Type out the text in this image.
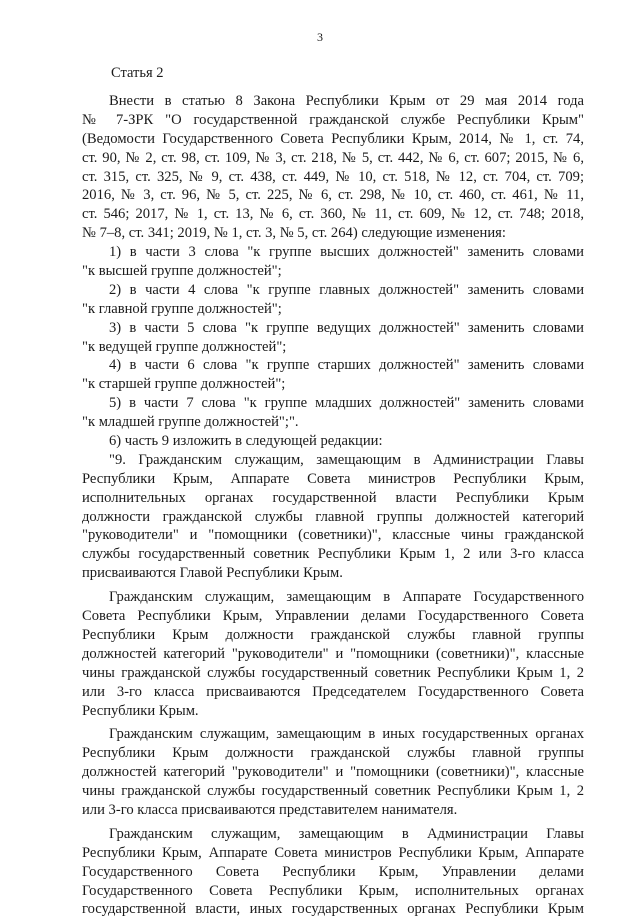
3
Статья 2
Внести в статью 8 Закона Республики Крым от 29 мая 2014 года
№ 7-ЗРК "О государственной гражданской службе Республики Крым"
(Ведомости Государственного Совета Республики Крым, 2014, № 1, ст. 74,
ст. 90, № 2, ст. 98, ст. 109, № 3, ст. 218, № 5, ст. 442, № 6, ст. 607; 2015, № 6,
ст. 315, ст. 325, № 9, ст. 438, ст. 449, № 10, ст. 518, № 12, ст. 704, ст. 709;
2016, № 3, ст. 96, № 5, ст. 225, № 6, ст. 298, № 10, ст. 460, ст. 461, № 11,
ст. 546; 2017, № 1, ст. 13, № 6, ст. 360, № 11, ст. 609, № 12, ст. 748; 2018,
№ 7–8, ст. 341; 2019, № 1, ст. 3, № 5, ст. 264) следующие изменения:
1) в части 3 слова "к группе высших должностей" заменить словами
"к высшей группе должностей";
2) в части 4 слова "к группе главных должностей" заменить словами
"к главной группе должностей";
3) в части 5 слова "к группе ведущих должностей" заменить словами
"к ведущей группе должностей";
4) в части 6 слова "к группе старших должностей" заменить словами
"к старшей группе должностей";
5) в части 7 слова "к группе младших должностей" заменить словами
"к младшей группе должностей";".
6) часть 9 изложить в следующей редакции:
"9. Гражданским служащим, замещающим в Администрации Главы
Республики Крым, Аппарате Совета министров Республики Крым,
исполнительных органах государственной власти Республики Крым
должности гражданской службы главной группы должностей категорий
"руководители" и "помощники (советники)", классные чины гражданской
службы государственный советник Республики Крым 1, 2 или 3-го класса
присваиваются Главой Республики Крым.
Гражданским служащим, замещающим в Аппарате Государственного
Совета Республики Крым, Управлении делами Государственного Совета
Республики Крым должности гражданской службы главной группы
должностей категорий "руководители" и "помощники (советники)", классные
чины гражданской службы государственный советник Республики Крым 1, 2
или 3-го класса присваиваются Председателем Государственного Совета
Республики Крым.
Гражданским служащим, замещающим в иных государственных органах
Республики Крым должности гражданской службы главной группы
должностей категорий "руководители" и "помощники (советники)", классные
чины гражданской службы государственный советник Республики Крым 1, 2
или 3-го класса присваиваются представителем нанимателя.
Гражданским служащим, замещающим в Администрации Главы
Республики Крым, Аппарате Совета министров Республики Крым, Аппарате
Государственного Совета Республики Крым, Управлении делами
Государственного Совета Республики Крым, исполнительных органах
государственной власти, иных государственных органах Республики Крым
